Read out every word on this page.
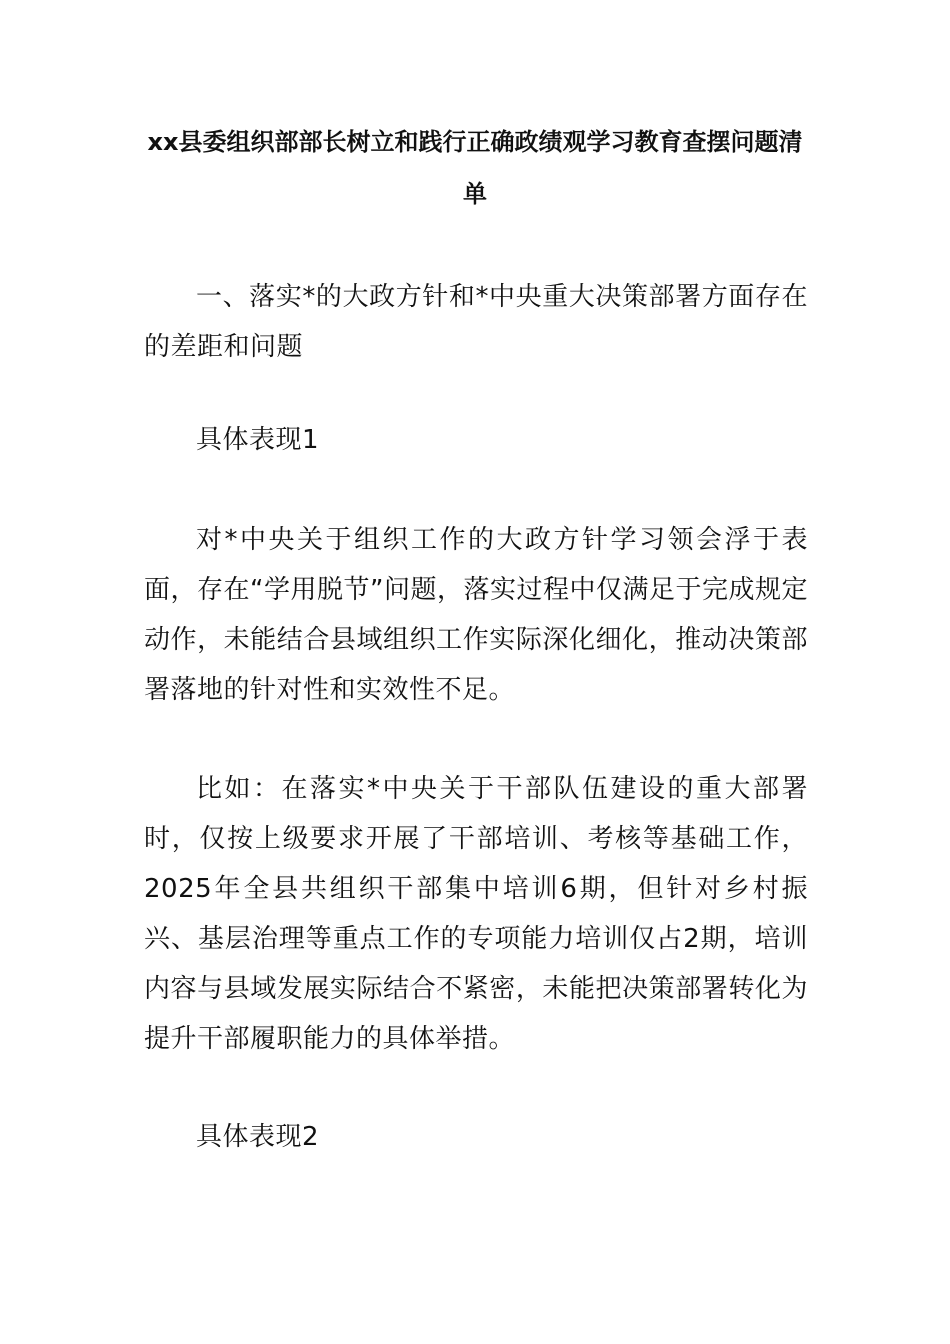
xx县委组织部部长树立和践行正确政绩观学习教育查摆问题清单

一、落实*的大政方针和*中央重大决策部署方面存在的差距和问题

具体表现1

对*中央关于组织工作的大政方针学习领会浮于表面，存在“学用脱节”问题，落实过程中仅满足于完成规定动作，未能结合县域组织工作实际深化细化，推动决策部署落地的针对性和实效性不足。

比如：在落实*中央关于干部队伍建设的重大部署时，仅按上级要求开展了干部培训、考核等基础工作，2025年全县共组织干部集中培训6期，但针对乡村振兴、基层治理等重点工作的专项能力培训仅占2期，培训内容与县域发展实际结合不紧密，未能把决策部署转化为提升干部履职能力的具体举措。

具体表现2
